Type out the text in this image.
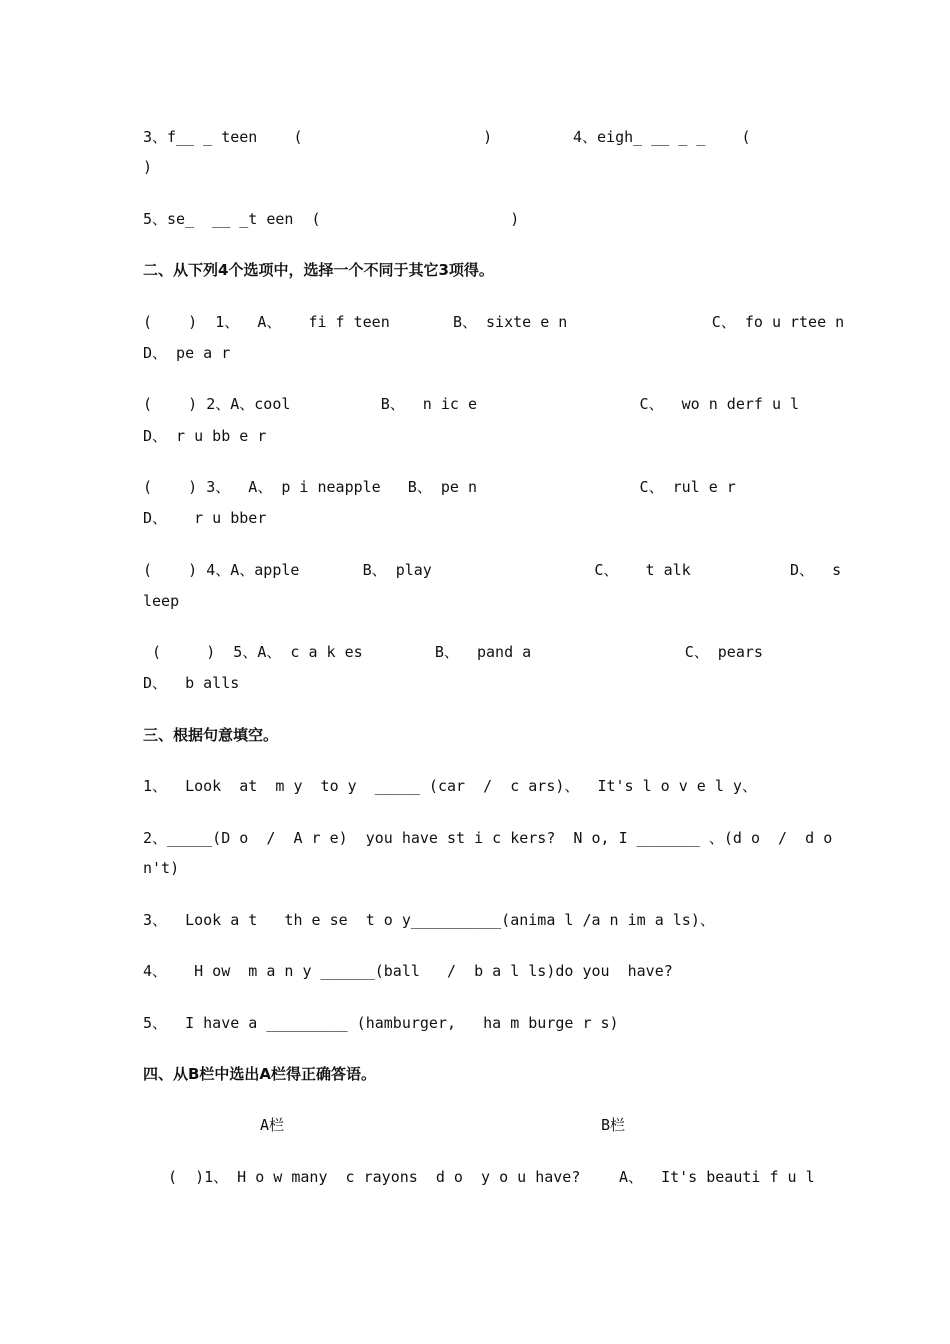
3、f__ _ teen    (                    )	4、eigh_ __ _ _    (
)
5、se_  __ _t een  (                     )
二、从下列4个选项中，选择一个不同于其它3项得。
(    )  1、  A、   fi f teen       B、 sixte e n                C、 fo u rtee n
D、 pe a r
(    ) 2、A、cool          B、  n ic e                  C、  wo n derf u l
D、 r u bb e r
(    ) 3、  A、 p i neapple   B、 pe n                  C、 rul e r
D、   r u bber
(    ) 4、A、apple       B、 play                  C、   t alk           D、  s
leep
(     )  5、A、 c a k es        B、  pand a                 C、 pears
D、  b alls
三、根据句意填空。
1、  Look  at  m y  to y  _____ (car  /  c ars)、  It's l o v e l y、
2、_____(D o  /  A r e)  you have st i c kers?  N o, I _______ 、(d o  /  d o
n't)
3、  Look a t   th e se  t o y__________(anima l /a n im a ls)、
4、   H ow  m a n y ______(ball   /  b a l ls)do you  have?
5、  I have a _________ (hamburger,   ha m burge r s)
四、从B栏中选出A栏得正确答语。
A栏	B栏
(  )1、 H o w many  c rayons  d o  y o u have?	A、  It's beauti f u l
